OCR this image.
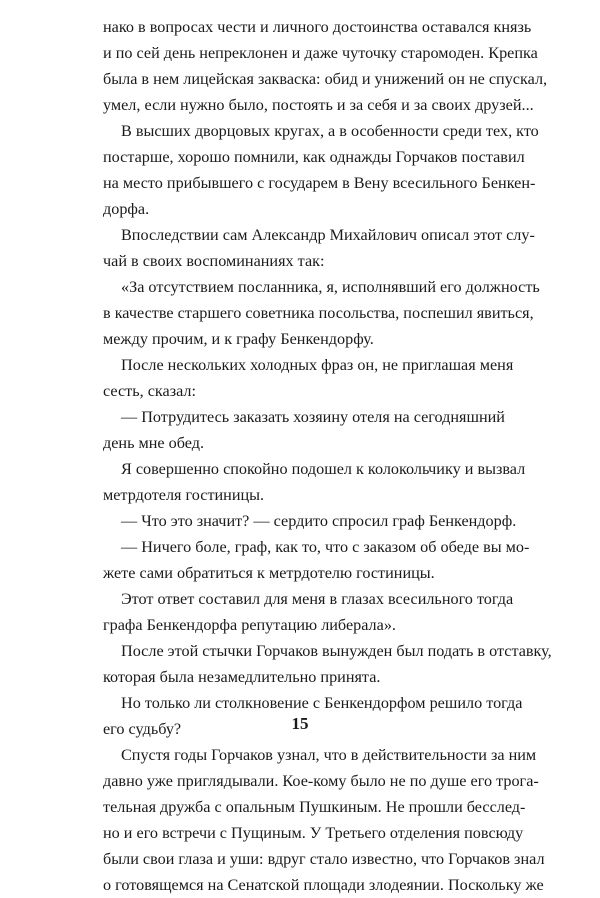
нако в вопросах чести и личного достоинства оставался князь
и по сей день непреклонен и даже чуточку старомоден. Крепка
была в нем лицейская закваска: обид и унижений он не спускал,
умел, если нужно было, постоять и за себя и за своих друзей...
В высших дворцовых кругах, а в особенности среди тех, кто
постарше, хорошо помнили, как однажды Горчаков поставил
на место прибывшего с государем в Вену всесильного Бенкен-
дорфа.
Впоследствии сам Александр Михайлович описал этот слу-
чай в своих воспоминаниях так:
«За отсутствием посланника, я, исполнявший его должность
в качестве старшего советника посольства, поспешил явиться,
между прочим, и к графу Бенкендорфу.
После нескольких холодных фраз он, не приглашая меня
сесть, сказал:
— Потрудитесь заказать хозяину отеля на сегодняшний
день мне обед.
Я совершенно спокойно подошел к колокольчику и вызвал
метрдотеля гостиницы.
— Что это значит? — сердито спросил граф Бенкендорф.
— Ничего боле, граф, как то, что с заказом об обеде вы мо-
жете сами обратиться к метрдотелю гостиницы.
Этот ответ составил для меня в глазах всесильного тогда
графа Бенкендорфа репутацию либерала».
После этой стычки Горчаков вынужден был подать в отставку,
которая была незамедлительно принята.
Но только ли столкновение с Бенкендорфом решило тогда
его судьбу?
Спустя годы Горчаков узнал, что в действительности за ним
давно уже приглядывали. Кое-кому было не по душе его трога-
тельная дружба с опальным Пушкиным. Не прошли бесслед-
но и его встречи с Пущиным. У Третьего отделения повсюду
были свои глаза и уши: вдруг стало известно, что Горчаков знал
о готовящемся на Сенатской площади злодеянии. Поскольку же
15
